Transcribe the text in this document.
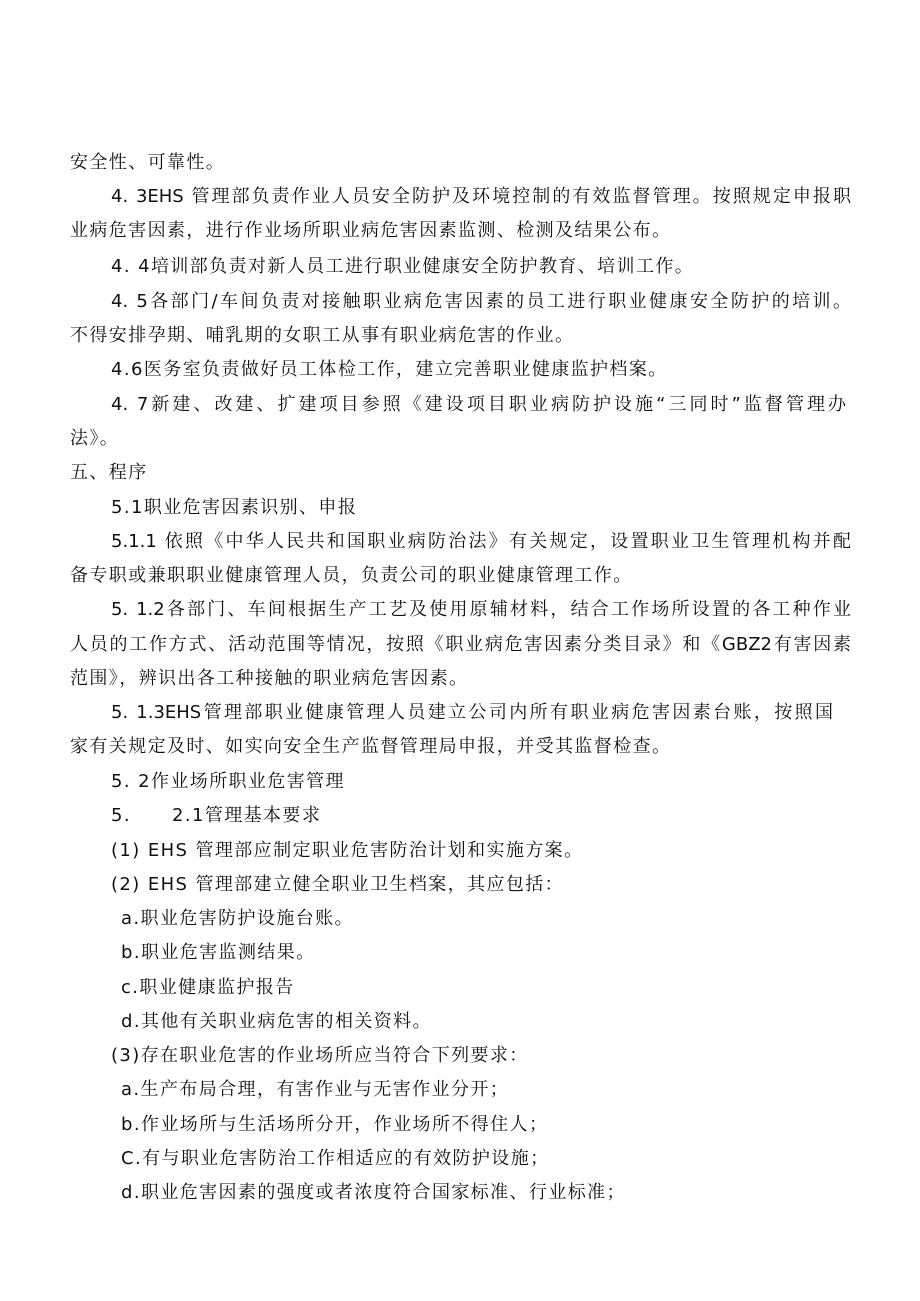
安全性、可靠性。
4. 3EHS 管理部负责作业人员安全防护及环境控制的有效监督管理。按照规定申报职
业病危害因素，进行作业场所职业病危害因素监测、检测及结果公布。
4. 4培训部负责对新人员工进行职业健康安全防护教育、培训工作。
4. 5各部门/车间负责对接触职业病危害因素的员工进行职业健康安全防护的培训。
不得安排孕期、哺乳期的女职工从事有职业病危害的作业。
4.6医务室负责做好员工体检工作，建立完善职业健康监护档案。
4. 7新建、改建、扩建项目参照《建设项目职业病防护设施“三同时”监督管理办
法》。
五、程序
5.1职业危害因素识别、申报
5.1.1 依照《中华人民共和国职业病防治法》有关规定，设置职业卫生管理机构并配
备专职或兼职职业健康管理人员，负责公司的职业健康管理工作。
5. 1.2各部门、车间根据生产工艺及使用原辅材料，结合工作场所设置的各工种作业
人员的工作方式、活动范围等情况，按照《职业病危害因素分类目录》和《GBZ2有害因素
范围》，辨识出各工种接触的职业病危害因素。
5. 1.3EHS管理部职业健康管理人员建立公司内所有职业病危害因素台账，按照国
家有关规定及时、如实向安全生产监督管理局申报，并受其监督检查。
5. 2作业场所职业危害管理
5. 2.1管理基本要求
(1) EHS 管理部应制定职业危害防治计划和实施方案。
(2) EHS 管理部建立健全职业卫生档案，其应包括：
a.职业危害防护设施台账。
b.职业危害监测结果。
c.职业健康监护报告
d.其他有关职业病危害的相关资料。
(3)存在职业危害的作业场所应当符合下列要求：
a.生产布局合理，有害作业与无害作业分开；
b.作业场所与生活场所分开，作业场所不得住人；
C.有与职业危害防治工作相适应的有效防护设施；
d.职业危害因素的强度或者浓度符合国家标准、行业标准；
